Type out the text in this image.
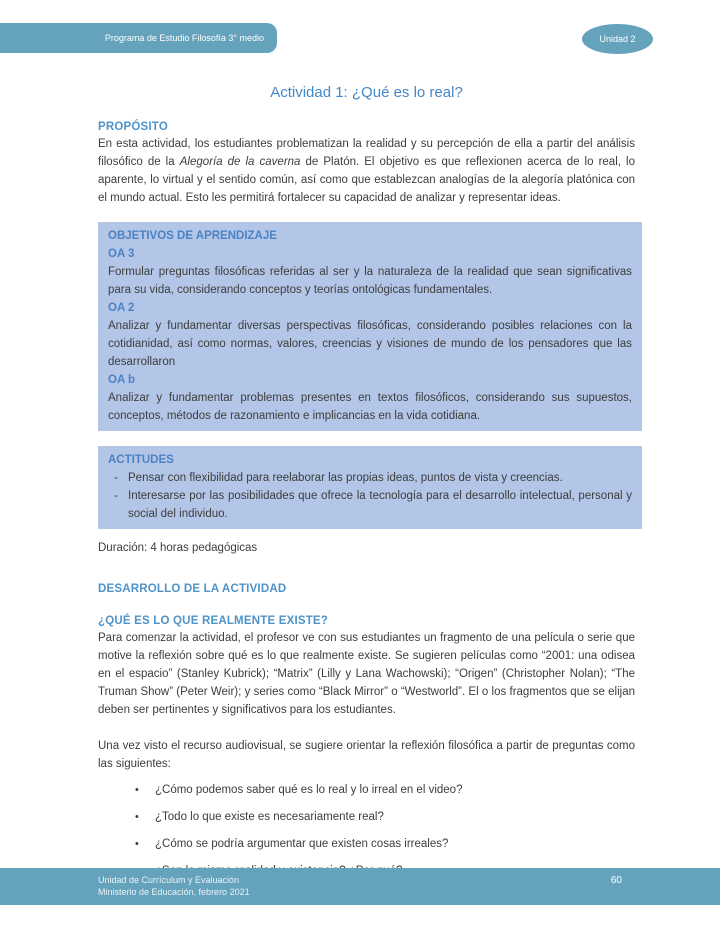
Programa de Estudio Filosofía 3° medio	Unidad 2
Actividad 1: ¿Qué es lo real?
PROPÓSITO

En esta actividad, los estudiantes problematizan la realidad y su percepción de ella a partir del análisis filosófico de la Alegoría de la caverna de Platón. El objetivo es que reflexionen acerca de lo real, lo aparente, lo virtual y el sentido común, así como que establezcan analogías de la alegoría platónica con el mundo actual. Esto les permitirá fortalecer su capacidad de analizar y representar ideas.

OBJETIVOS DE APRENDIZAJE
OA 3

Formular preguntas filosóficas referidas al ser y la naturaleza de la realidad que sean significativas para su vida, considerando conceptos y teorías ontológicas fundamentales.

OA 2

Analizar y fundamentar diversas perspectivas filosóficas, considerando posibles relaciones con la cotidianidad, así como normas, valores, creencias y visiones de mundo de los pensadores que las desarrollaron

OA b

Analizar y fundamentar problemas presentes en textos filosóficos, considerando sus supuestos, conceptos, métodos de razonamiento e implicancias en la vida cotidiana.

ACTITUDES
- Pensar con flexibilidad para reelaborar las propias ideas, puntos de vista y creencias.

- Interesarse por las posibilidades que ofrece la tecnología para el desarrollo intelectual, personal y social del individuo.

Duración: 4 horas pedagógicas

DESARROLLO DE LA ACTIVIDAD
¿QUÉ ES LO QUE REALMENTE EXISTE?

Para comenzar la actividad, el profesor ve con sus estudiantes un fragmento de una película o serie que motive la reflexión sobre qué es lo que realmente existe. Se sugieren películas como “2001: una odisea en el espacio” (Stanley Kubrick); “Matrix” (Lilly y Lana Wachowski); “Origen” (Christopher Nolan); “The Truman Show” (Peter Weir); y series como “Black Mirror” o “Westworld”. El o los fragmentos que se elijan deben ser pertinentes y significativos para los estudiantes.

Una vez visto el recurso audiovisual, se sugiere orientar la reflexión filosófica a partir de preguntas como las siguientes:

•	¿Cómo podemos saber qué es lo real y lo irreal en el video?
•	¿Todo lo que existe es necesariamente real?
•	¿Cómo se podría argumentar que existen cosas irreales?
Unidad de Currículum y Evaluación
Ministerio de Educación, febrero 2021
60
